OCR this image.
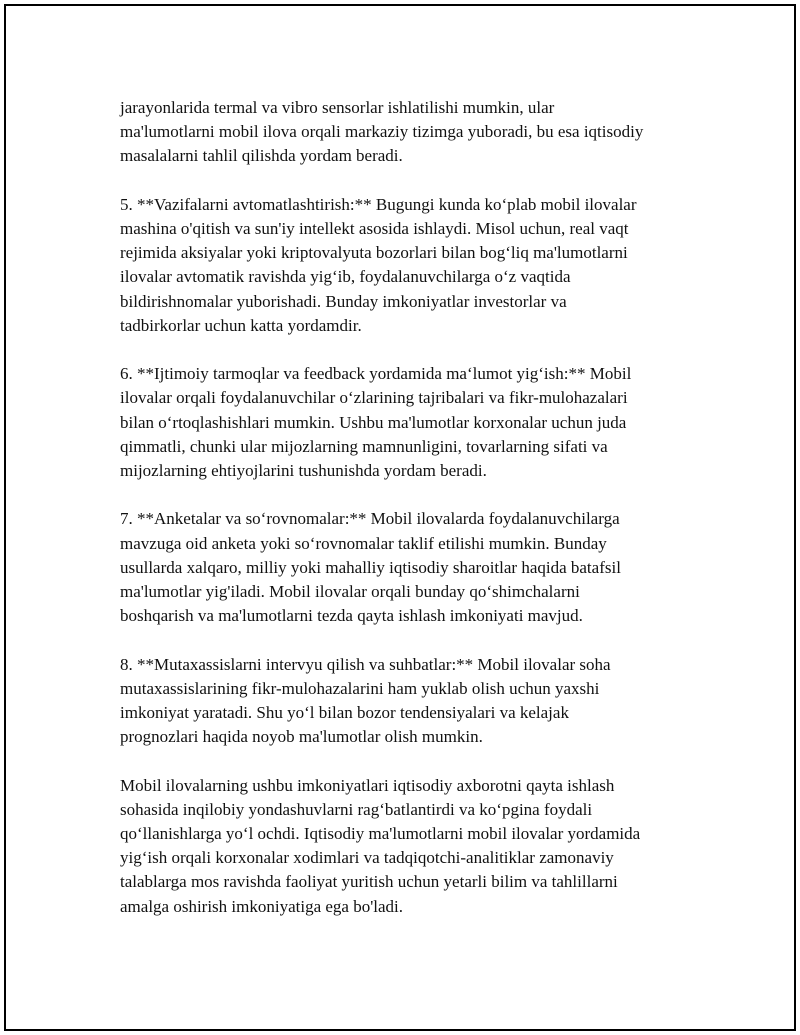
jarayonlarida termal va vibro sensorlar ishlatilishi mumkin, ular
ma'lumotlarni mobil ilova orqali markaziy tizimga yuboradi, bu esa iqtisodiy
masalalarni tahlil qilishda yordam beradi.

5. **Vazifalarni avtomatlashtirish:** Bugungi kunda ko‘plab mobil ilovalar
mashina o'qitish va sun'iy intellekt asosida ishlaydi. Misol uchun, real vaqt
rejimida aksiyalar yoki kriptovalyuta bozorlari bilan bog‘liq ma'lumotlarni
ilovalar avtomatik ravishda yig‘ib, foydalanuvchilarga o‘z vaqtida
bildirishnomalar yuborishadi. Bunday imkoniyatlar investorlar va
tadbirkorlar uchun katta yordamdir.

6. **Ijtimoiy tarmoqlar va feedback yordamida ma‘lumot yig‘ish:** Mobil
ilovalar orqali foydalanuvchilar o‘zlarining tajribalari va fikr-mulohazalari
bilan o‘rtoqlashishlari mumkin. Ushbu ma'lumotlar korxonalar uchun juda
qimmatli, chunki ular mijozlarning mamnunligini, tovarlarning sifati va
mijozlarning ehtiyojlarini tushunishda yordam beradi.

7. **Anketalar va so‘rovnomalar:** Mobil ilovalarda foydalanuvchilarga
mavzuga oid anketa yoki so‘rovnomalar taklif etilishi mumkin. Bunday
usullarda xalqaro, milliy yoki mahalliy iqtisodiy sharoitlar haqida batafsil
ma'lumotlar yig'iladi. Mobil ilovalar orqali bunday qo‘shimchalarni
boshqarish va ma'lumotlarni tezda qayta ishlash imkoniyati mavjud.

8. **Mutaxassislarni intervyu qilish va suhbatlar:** Mobil ilovalar soha
mutaxassislarining fikr-mulohazalarini ham yuklab olish uchun yaxshi
imkoniyat yaratadi. Shu yo‘l bilan bozor tendensiyalari va kelajak
prognozlari haqida noyob ma'lumotlar olish mumkin.

Mobil ilovalarning ushbu imkoniyatlari iqtisodiy axborotni qayta ishlash
sohasida inqilobiy yondashuvlarni rag‘batlantirdi va ko‘pgina foydali
qo‘llanishlarga yo‘l ochdi. Iqtisodiy ma'lumotlarni mobil ilovalar yordamida
yig‘ish orqali korxonalar xodimlari va tadqiqotchi-analitiklar zamonaviy
talablarga mos ravishda faoliyat yuritish uchun yetarli bilim va tahlillarni
amalga oshirish imkoniyatiga ega bo'ladi.
